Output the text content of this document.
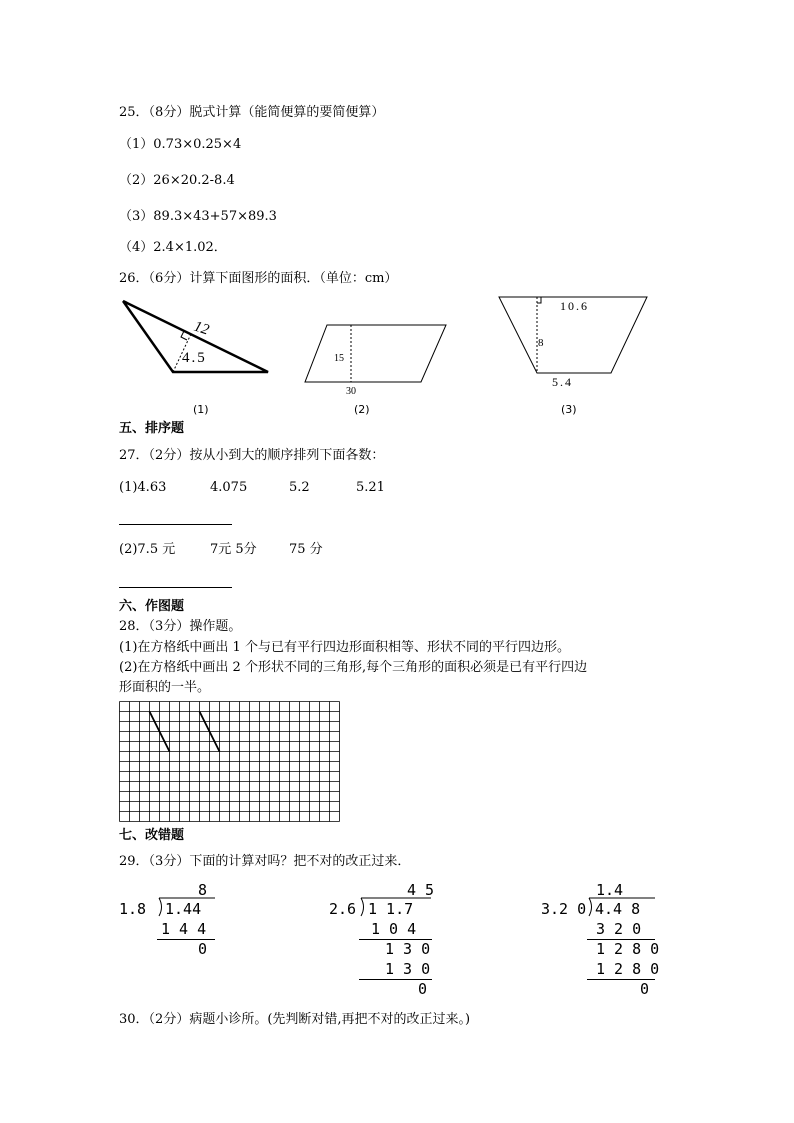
25．（8分）脱式计算（能简便算的要简便算）
（1）0.73×0.25×4
（2）26×20.2-8.4
（3）89.3×43+57×89.3
（4）2.4×1.02．
26．（6分）计算下面图形的面积．（单位：cm）
12
4.5
(1)
15
30
(2)
10.6
8
5.4
(3)
五、排序题
27．（2分）按从小到大的顺序排列下面各数：
(1)4.63	4.075	5.2	5.21
(2)7.5 元	7元 5分 75 分
六、作图题
28．（3分）操作题。
(1)在方格纸中画出 1 个与已有平行四边形面积相等、形状不同的平行四边形。
(2)在方格纸中画出 2 个形状不同的三角形,每个三角形的面积必须是已有平行四边
形面积的一半。
七、改错题
29．（3分）下面的计算对吗？把不对的改正过来．
8
1.8 1.44
1 4 4
0
4 5
2.6 1 1.7
1 0 4
1 3 0
1 3 0
0
1.4
3.2 0 4.4 8
3 2 0
1 2 8 0
1 2 8 0
0
30．（2分）病题小诊所。(先判断对错,再把不对的改正过来。)
